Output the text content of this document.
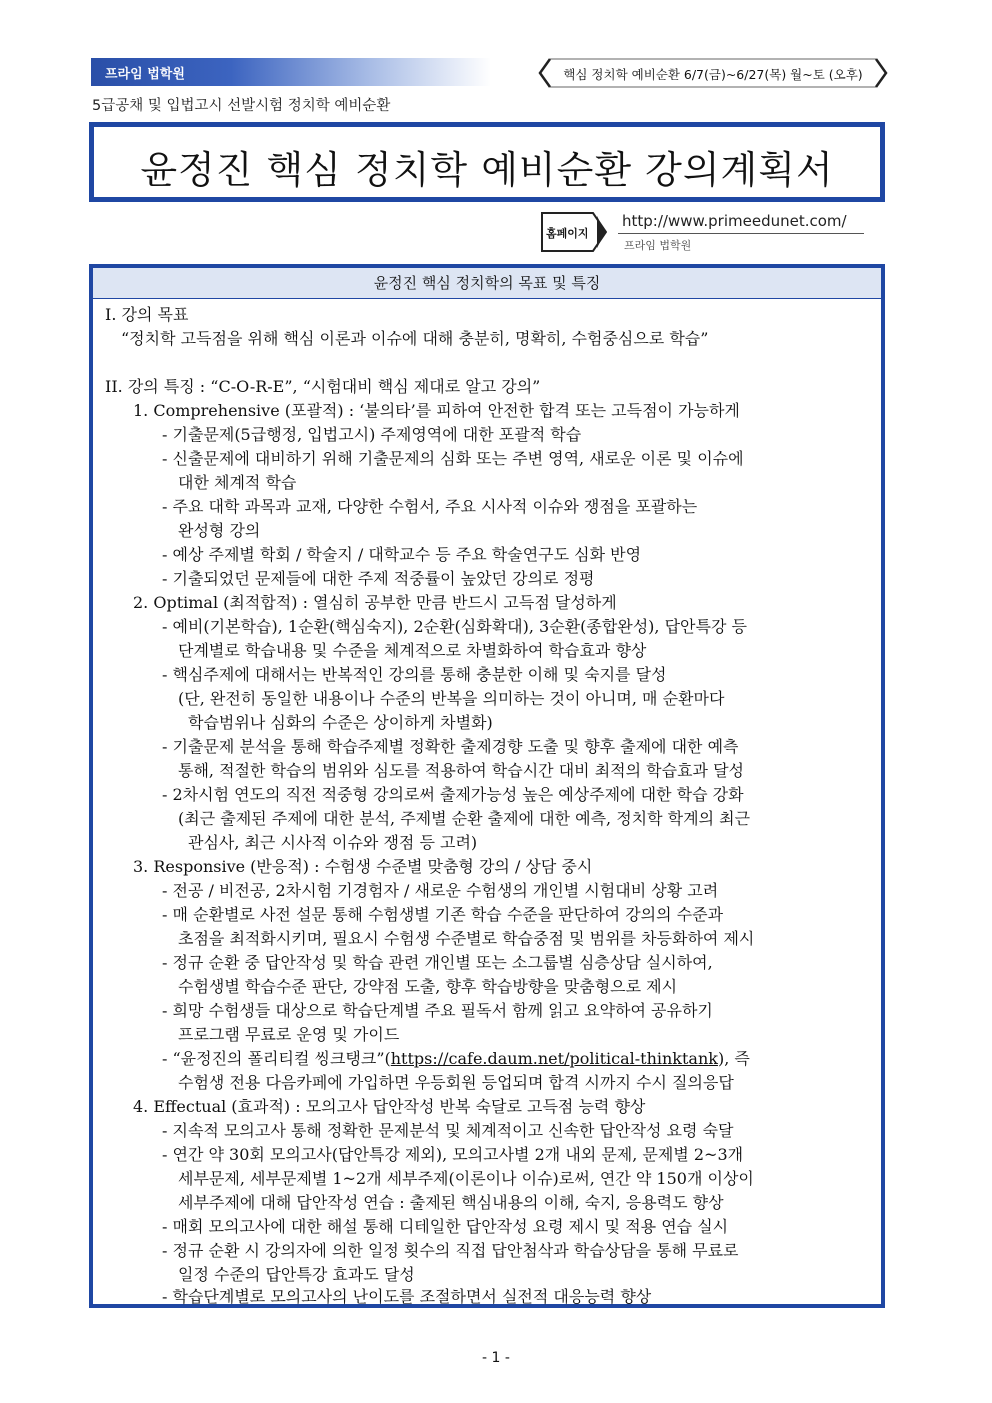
프라임 법학원	핵심 정치학 예비순환 6/7(금)~6/27(목) 월~토 (오후)
5급공채 및 입법고시 선발시험 정치학 예비순환
윤정진 핵심 정치학 예비순환 강의계획서
홈페이지
http://www.primeedunet.com/
프라임 법학원
윤정진 핵심 정치학의 목표 및 특징
I. 강의 목표
“정치학 고득점을 위해 핵심 이론과 이슈에 대해 충분히, 명확히, 수험중심으로 학습”
II. 강의 특징 : “C-O-R-E”, “시험대비 핵심 제대로 알고 강의”
1. Comprehensive (포괄적) : ‘불의타’를 피하여 안전한 합격 또는 고득점이 가능하게
- 기출문제(5급행정, 입법고시) 주제영역에 대한 포괄적 학습
- 신출문제에 대비하기 위해 기출문제의 심화 또는 주변 영역, 새로운 이론 및 이슈에
대한 체계적 학습
- 주요 대학 과목과 교재, 다양한 수험서, 주요 시사적 이슈와 쟁점을 포괄하는
완성형 강의
- 예상 주제별 학회 / 학술지 / 대학교수 등 주요 학술연구도 심화 반영
- 기출되었던 문제들에 대한 주제 적중률이 높았던 강의로 정평
2. Optimal (최적합적) : 열심히 공부한 만큼 반드시 고득점 달성하게
- 예비(기본학습), 1순환(핵심숙지), 2순환(심화확대), 3순환(종합완성), 답안특강 등
단계별로 학습내용 및 수준을 체계적으로 차별화하여 학습효과 향상
- 핵심주제에 대해서는 반복적인 강의를 통해 충분한 이해 및 숙지를 달성
(단, 완전히 동일한 내용이나 수준의 반복을 의미하는 것이 아니며, 매 순환마다
학습범위나 심화의 수준은 상이하게 차별화)
- 기출문제 분석을 통해 학습주제별 정확한 출제경향 도출 및 향후 출제에 대한 예측
통해, 적절한 학습의 범위와 심도를 적용하여 학습시간 대비 최적의 학습효과 달성
- 2차시험 연도의 직전 적중형 강의로써 출제가능성 높은 예상주제에 대한 학습 강화
(최근 출제된 주제에 대한 분석, 주제별 순환 출제에 대한 예측, 정치학 학계의 최근
관심사, 최근 시사적 이슈와 쟁점 등 고려)
3. Responsive (반응적) : 수험생 수준별 맞춤형 강의 / 상담 중시
- 전공 / 비전공, 2차시험 기경험자 / 새로운 수험생의 개인별 시험대비 상황 고려
- 매 순환별로 사전 설문 통해 수험생별 기존 학습 수준을 판단하여 강의의 수준과
초점을 최적화시키며, 필요시 수험생 수준별로 학습중점 및 범위를 차등화하여 제시
- 정규 순환 중 답안작성 및 학습 관련 개인별 또는 소그룹별 심층상담 실시하여,
수험생별 학습수준 판단, 강약점 도출, 향후 학습방향을 맞춤형으로 제시
- 희망 수험생들 대상으로 학습단계별 주요 필독서 함께 읽고 요약하여 공유하기
프로그램 무료로 운영 및 가이드
- “윤정진의 폴리티컬 씽크탱크”(https://cafe.daum.net/political-thinktank), 즉
수험생 전용 다음카페에 가입하면 우등회원 등업되며 합격 시까지 수시 질의응답
4. Effectual (효과적) : 모의고사 답안작성 반복 숙달로 고득점 능력 향상
- 지속적 모의고사 통해 정확한 문제분석 및 체계적이고 신속한 답안작성 요령 숙달
- 연간 약 30회 모의고사(답안특강 제외), 모의고사별 2개 내외 문제, 문제별 2~3개
세부문제, 세부문제별 1~2개 세부주제(이론이나 이슈)로써, 연간 약 150개 이상이
세부주제에 대해 답안작성 연습 : 출제된 핵심내용의 이해, 숙지, 응용력도 향상
- 매회 모의고사에 대한 해설 통해 디테일한 답안작성 요령 제시 및 적용 연습 실시
- 정규 순환 시 강의자에 의한 일정 횟수의 직접 답안첨삭과 학습상담을 통해 무료로
일정 수준의 답안특강 효과도 달성
- 학습단계별로 모의고사의 난이도를 조절하면서 실전적 대응능력 향상
- 1 -
